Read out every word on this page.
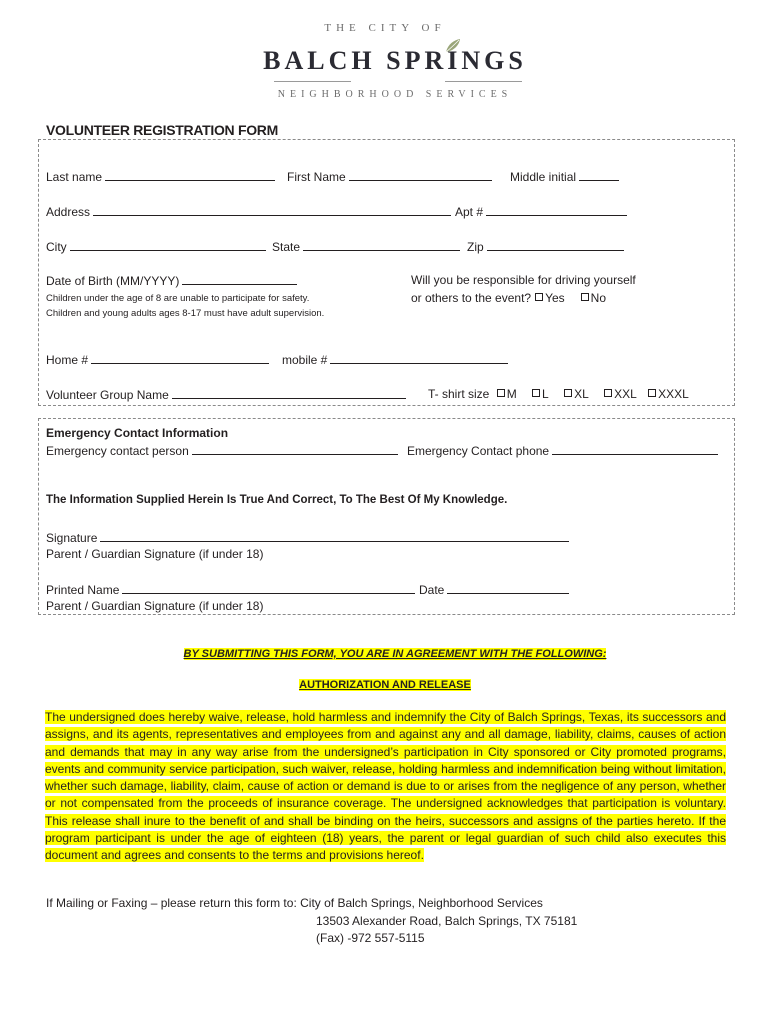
THE CITY OF
BALCH SPRINGS
NEIGHBORHOOD SERVICES
VOLUNTEER REGISTRATION FORM
Last name	First Name	Middle initial
Address	Apt #
City	State	Zip
Date of Birth (MM/YYYY)
Children under the age of 8 are unable to participate for safety.
Children and young adults ages 8-17 must have adult supervision.
Will you be responsible for driving yourself
or others to the event? Yes No
Home #	mobile #
Volunteer Group Name	T- shirt size M L XL XXL XXXL
Emergency Contact Information
Emergency contact person	Emergency Contact phone
The Information Supplied Herein Is True And Correct, To The Best Of My Knowledge.
Signature
Parent / Guardian Signature (if under 18)
Printed Name	Date
Parent / Guardian Signature (if under 18)
BY SUBMITTING THIS FORM, YOU ARE IN AGREEMENT WITH THE FOLLOWING:
AUTHORIZATION AND RELEASE
The undersigned does hereby waive, release, hold harmless and indemnify the City of Balch Springs, Texas, its successors and assigns, and its agents, representatives and employees from and against any and all damage, liability, claims, causes of action and demands that may in any way arise from the undersigned’s participation in City sponsored or City promoted programs, events and community service participation, such waiver, release, holding harmless and indemnification being without limitation, whether such damage, liability, claim, cause of action or demand is due to or arises from the negligence of any person, whether or not compensated from the proceeds of insurance coverage. The undersigned acknowledges that participation is voluntary. This release shall inure to the benefit of and shall be binding on the heirs, successors and assigns of the parties hereto. If the program participant is under the age of eighteen (18) years, the parent or legal guardian of such child also executes this document and agrees and consents to the terms and provisions hereof.
If Mailing or Faxing – please return this form to: City of Balch Springs, Neighborhood Services
13503 Alexander Road, Balch Springs, TX 75181
(Fax) -972 557-5115
